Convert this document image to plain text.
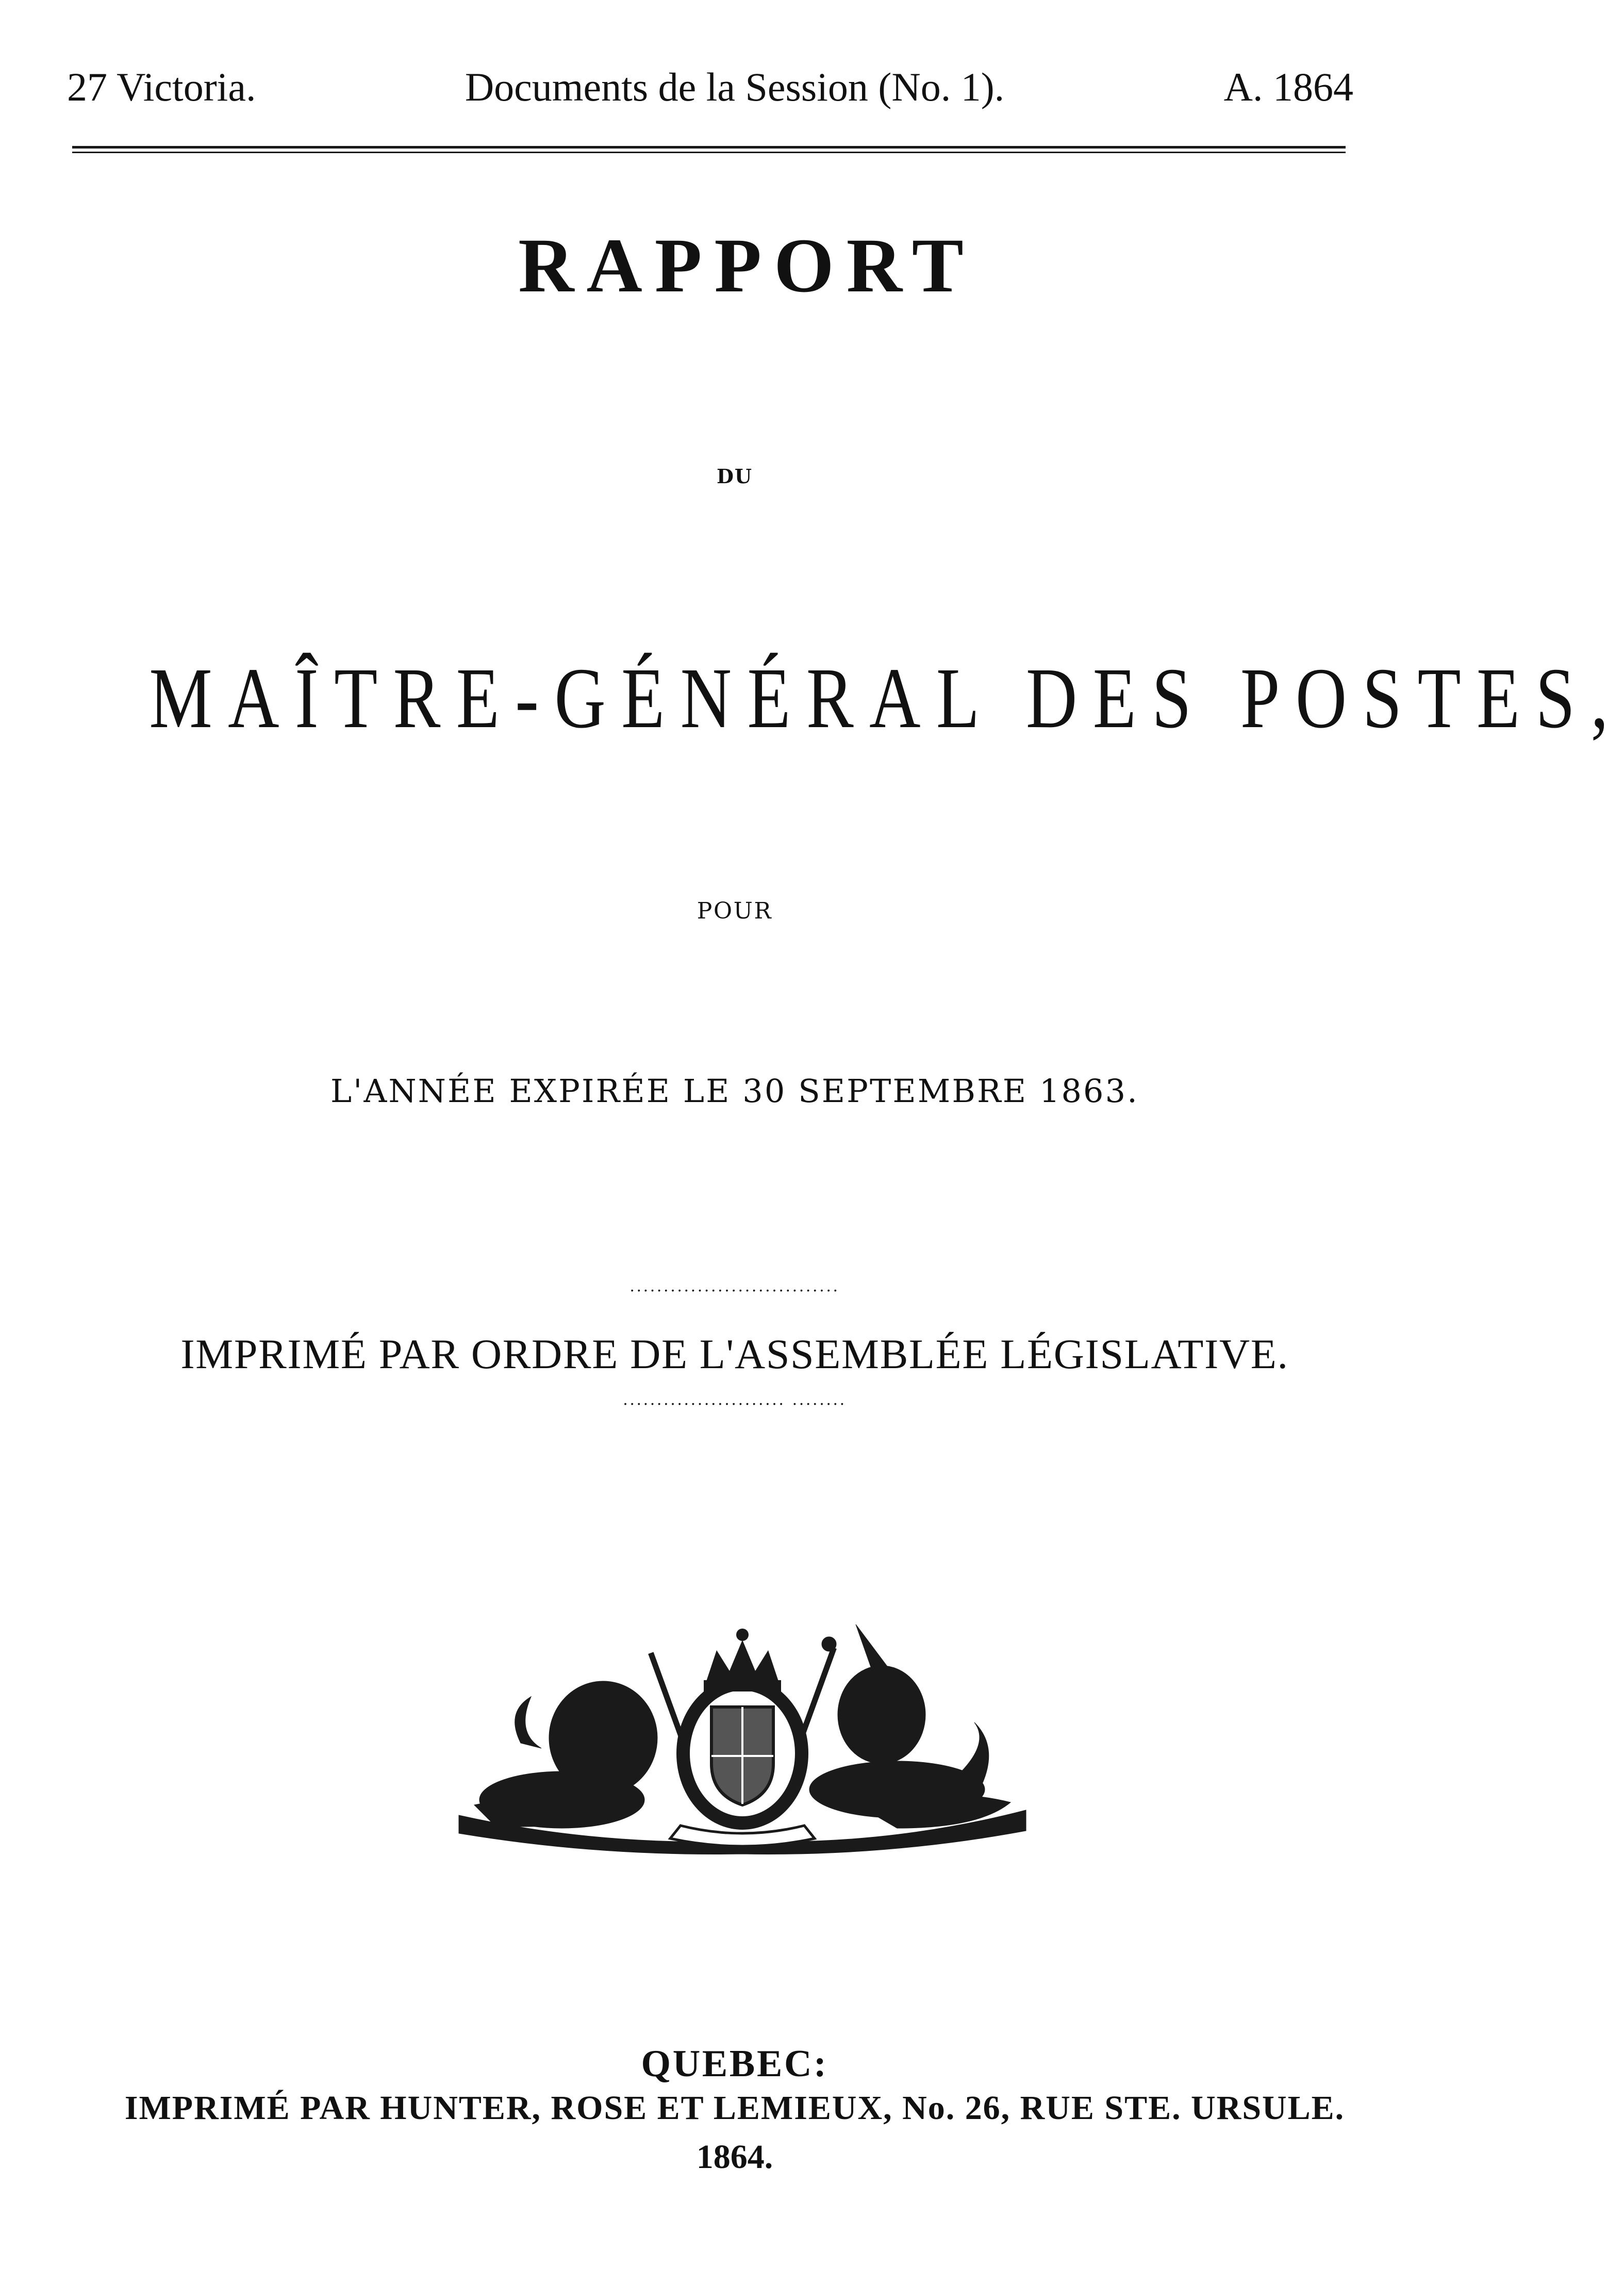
27 Victoria.	Documents de la Session (No. 1).	A. 1864
RAPPORT
DU
MAÎTRE-GÉNÉRAL DES POSTES,
POUR
L'ANNÉE EXPIRÉE LE 30 SEPTEMBRE 1863.
...............................
IMPRIMÉ PAR ORDRE DE L'ASSEMBLÉE LÉGISLATIVE.
........................ ........
QUEBEC:
IMPRIMÉ PAR HUNTER, ROSE ET LEMIEUX, No. 26, RUE STE. URSULE.
1864.
